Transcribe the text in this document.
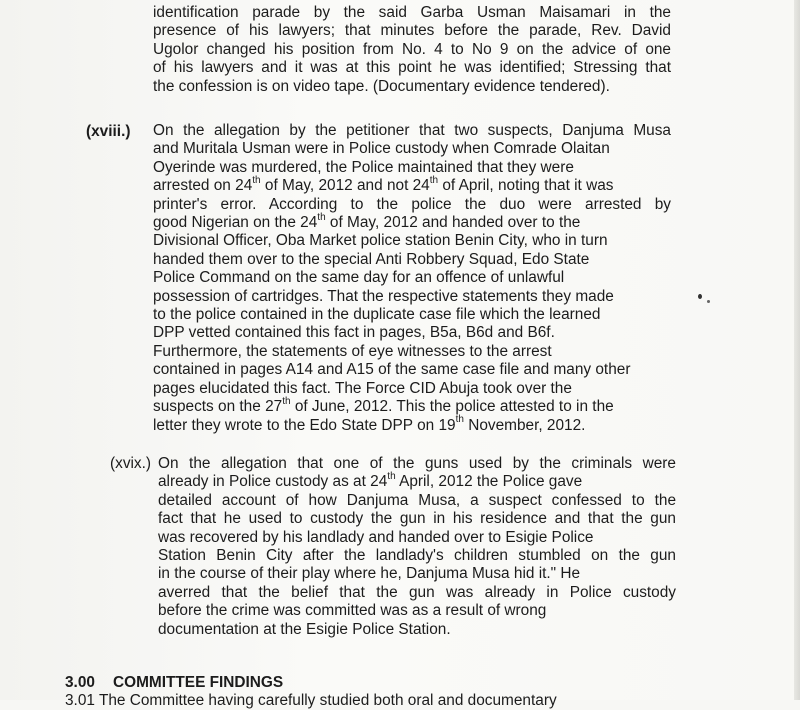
identification parade by the said Garba Usman Maisamari in the
presence of his lawyers; that minutes before the parade, Rev. David
Ugolor changed his position from No. 4 to No 9 on the advice of one
of his lawyers and it was at this point he was identified; Stressing that
the confession is on video tape. (Documentary evidence tendered).
(xviii.) On the allegation by the petitioner that two suspects, Danjuma Musa
and Muritala Usman were in Police custody when Comrade Olaitan
Oyerinde was murdered, the Police maintained that they were
arrested on 24th of May, 2012 and not 24th of April, noting that it was
printer's error. According to the police the duo were arrested by
good Nigerian on the 24th of May, 2012 and handed over to the
Divisional Officer, Oba Market police station Benin City, who in turn
handed them over to the special Anti Robbery Squad, Edo State
Police Command on the same day for an offence of unlawful
possession of cartridges. That the respective statements they made
to the police contained in the duplicate case file which the learned
DPP vetted contained this fact in pages, B5a, B6d and B6f.
Furthermore, the statements of eye witnesses to the arrest
contained in pages A14 and A15 of the same case file and many other
pages elucidated this fact. The Force CID Abuja took over the
suspects on the 27th of June, 2012. This the police attested to in the
letter they wrote to the Edo State DPP on 19th November, 2012.
(xvix.) On the allegation that one of the guns used by the criminals were
already in Police custody as at 24th April, 2012 the Police gave
detailed account of how Danjuma Musa, a suspect confessed to the
fact that he used to custody the gun in his residence and that the gun
was recovered by his landlady and handed over to Esigie Police
Station Benin City after the landlady's children stumbled on the gun
in the course of their play where he, Danjuma Musa hid it." He
averred that the belief that the gun was already in Police custody
before the crime was committed was as a result of wrong
documentation at the Esigie Police Station.
3.00 COMMITTEE FINDINGS
3.01 The Committee having carefully studied both oral and documentary
